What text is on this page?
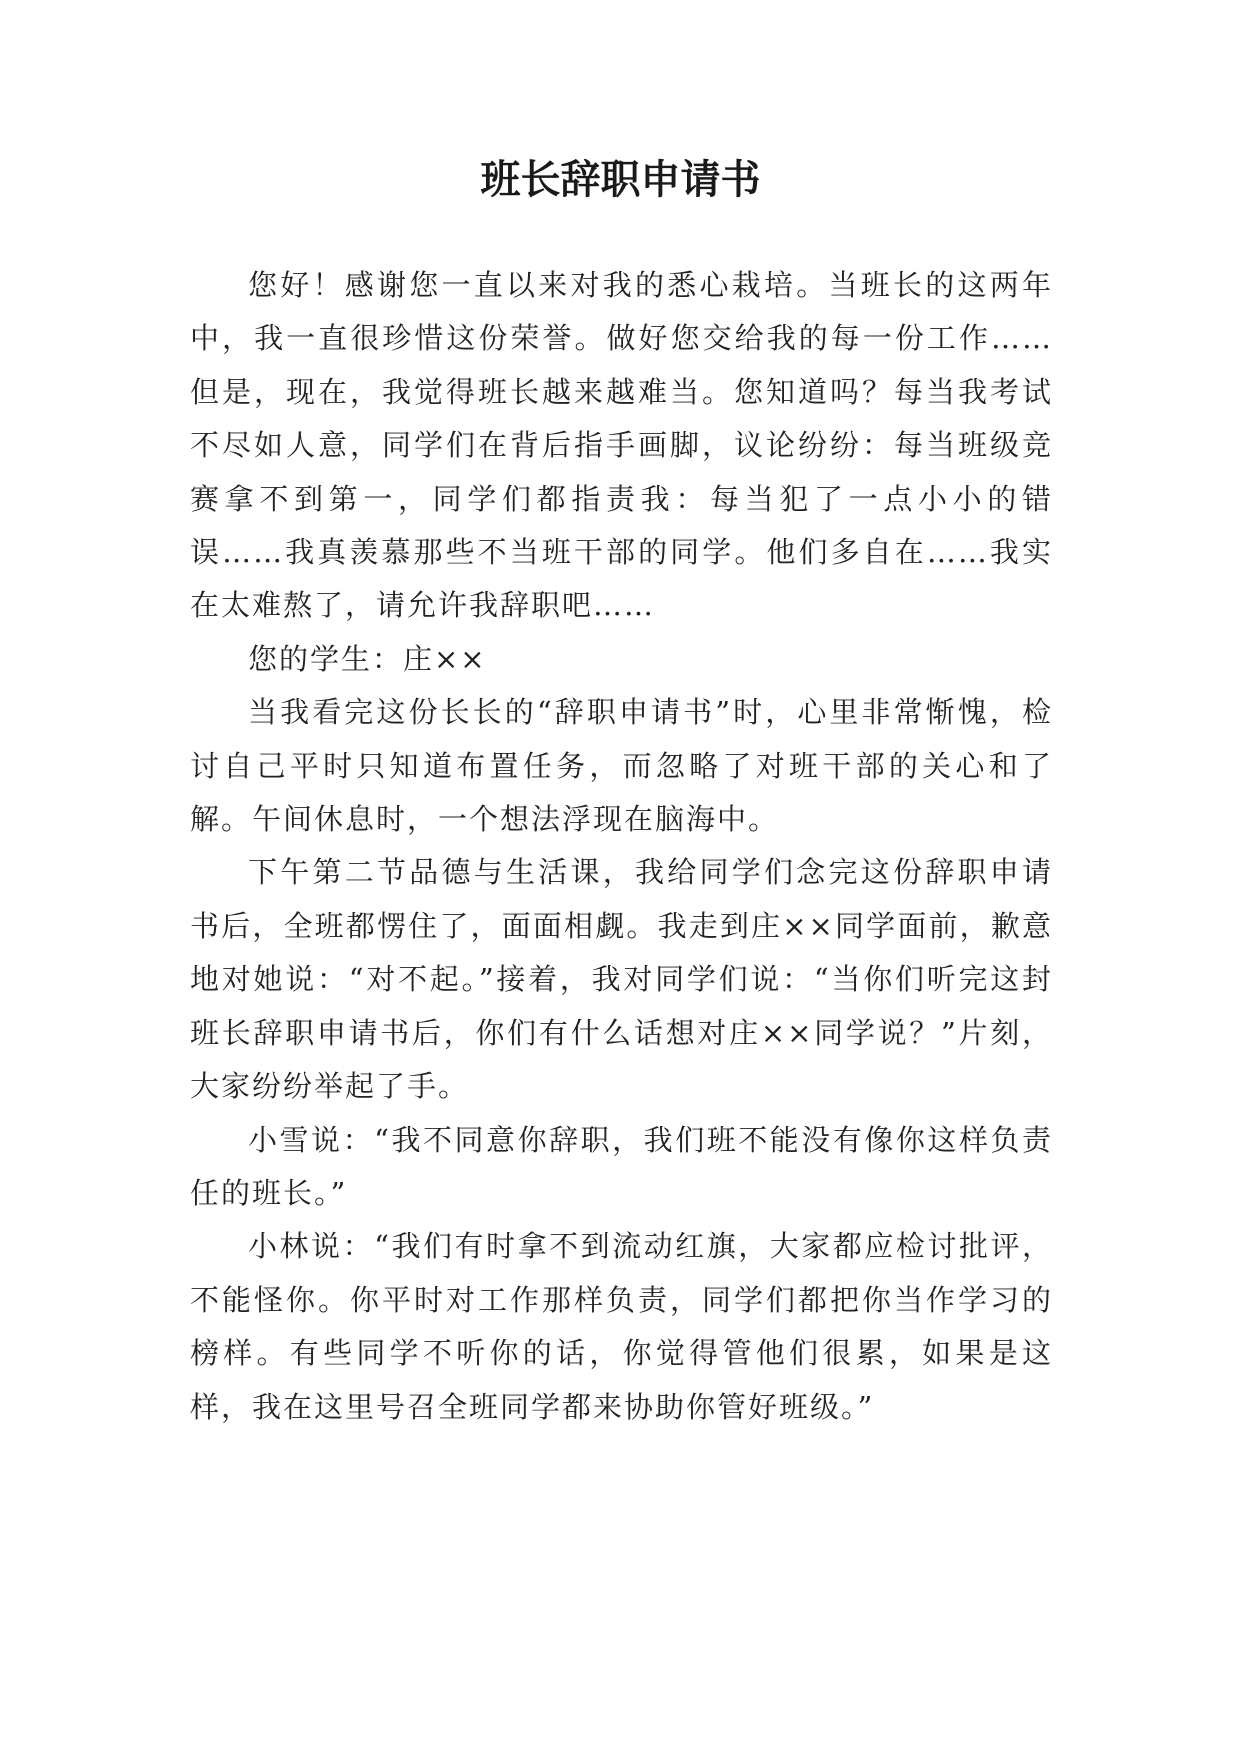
班长辞职申请书

您好！感谢您一直以来对我的悉心栽培。当班长的这两年中，我一直很珍惜这份荣誉。做好您交给我的每一份工作……但是，现在，我觉得班长越来越难当。您知道吗？每当我考试不尽如人意，同学们在背后指手画脚，议论纷纷：每当班级竞赛拿不到第一，同学们都指责我：每当犯了一点小小的错误……我真羡慕那些不当班干部的同学。他们多自在……我实在太难熬了，请允许我辞职吧……

您的学生：庄××

当我看完这份长长的“辞职申请书”时，心里非常惭愧，检讨自己平时只知道布置任务，而忽略了对班干部的关心和了解。午间休息时，一个想法浮现在脑海中。

下午第二节品德与生活课，我给同学们念完这份辞职申请书后，全班都愣住了，面面相觑。我走到庄××同学面前，歉意地对她说：“对不起。”接着，我对同学们说：“当你们听完这封班长辞职申请书后，你们有什么话想对庄××同学说？”片刻，大家纷纷举起了手。

小雪说：“我不同意你辞职，我们班不能没有像你这样负责任的班长。”

小林说：“我们有时拿不到流动红旗，大家都应检讨批评，不能怪你。你平时对工作那样负责，同学们都把你当作学习的榜样。有些同学不听你的话，你觉得管他们很累，如果是这样，我在这里号召全班同学都来协助你管好班级。”
